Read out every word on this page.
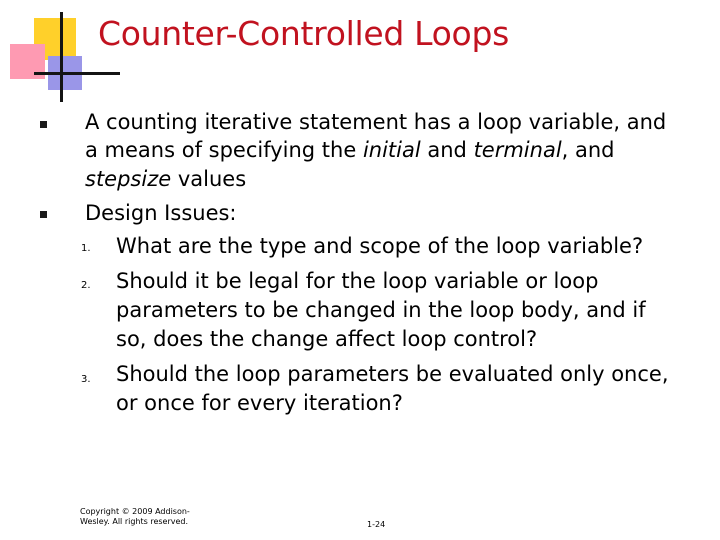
Counter-Controlled Loops
A counting iterative statement has a loop variable, and
a means of specifying the initial and terminal, and
stepsize values
Design Issues:
1. What are the type and scope of the loop variable?
2. Should it be legal for the loop variable or loop
parameters to be changed in the loop body, and if
so, does the change affect loop control?
3. Should the loop parameters be evaluated only once,
or once for every iteration?
Copyright © 2009 Addison-
Wesley. All rights reserved.	1-24
